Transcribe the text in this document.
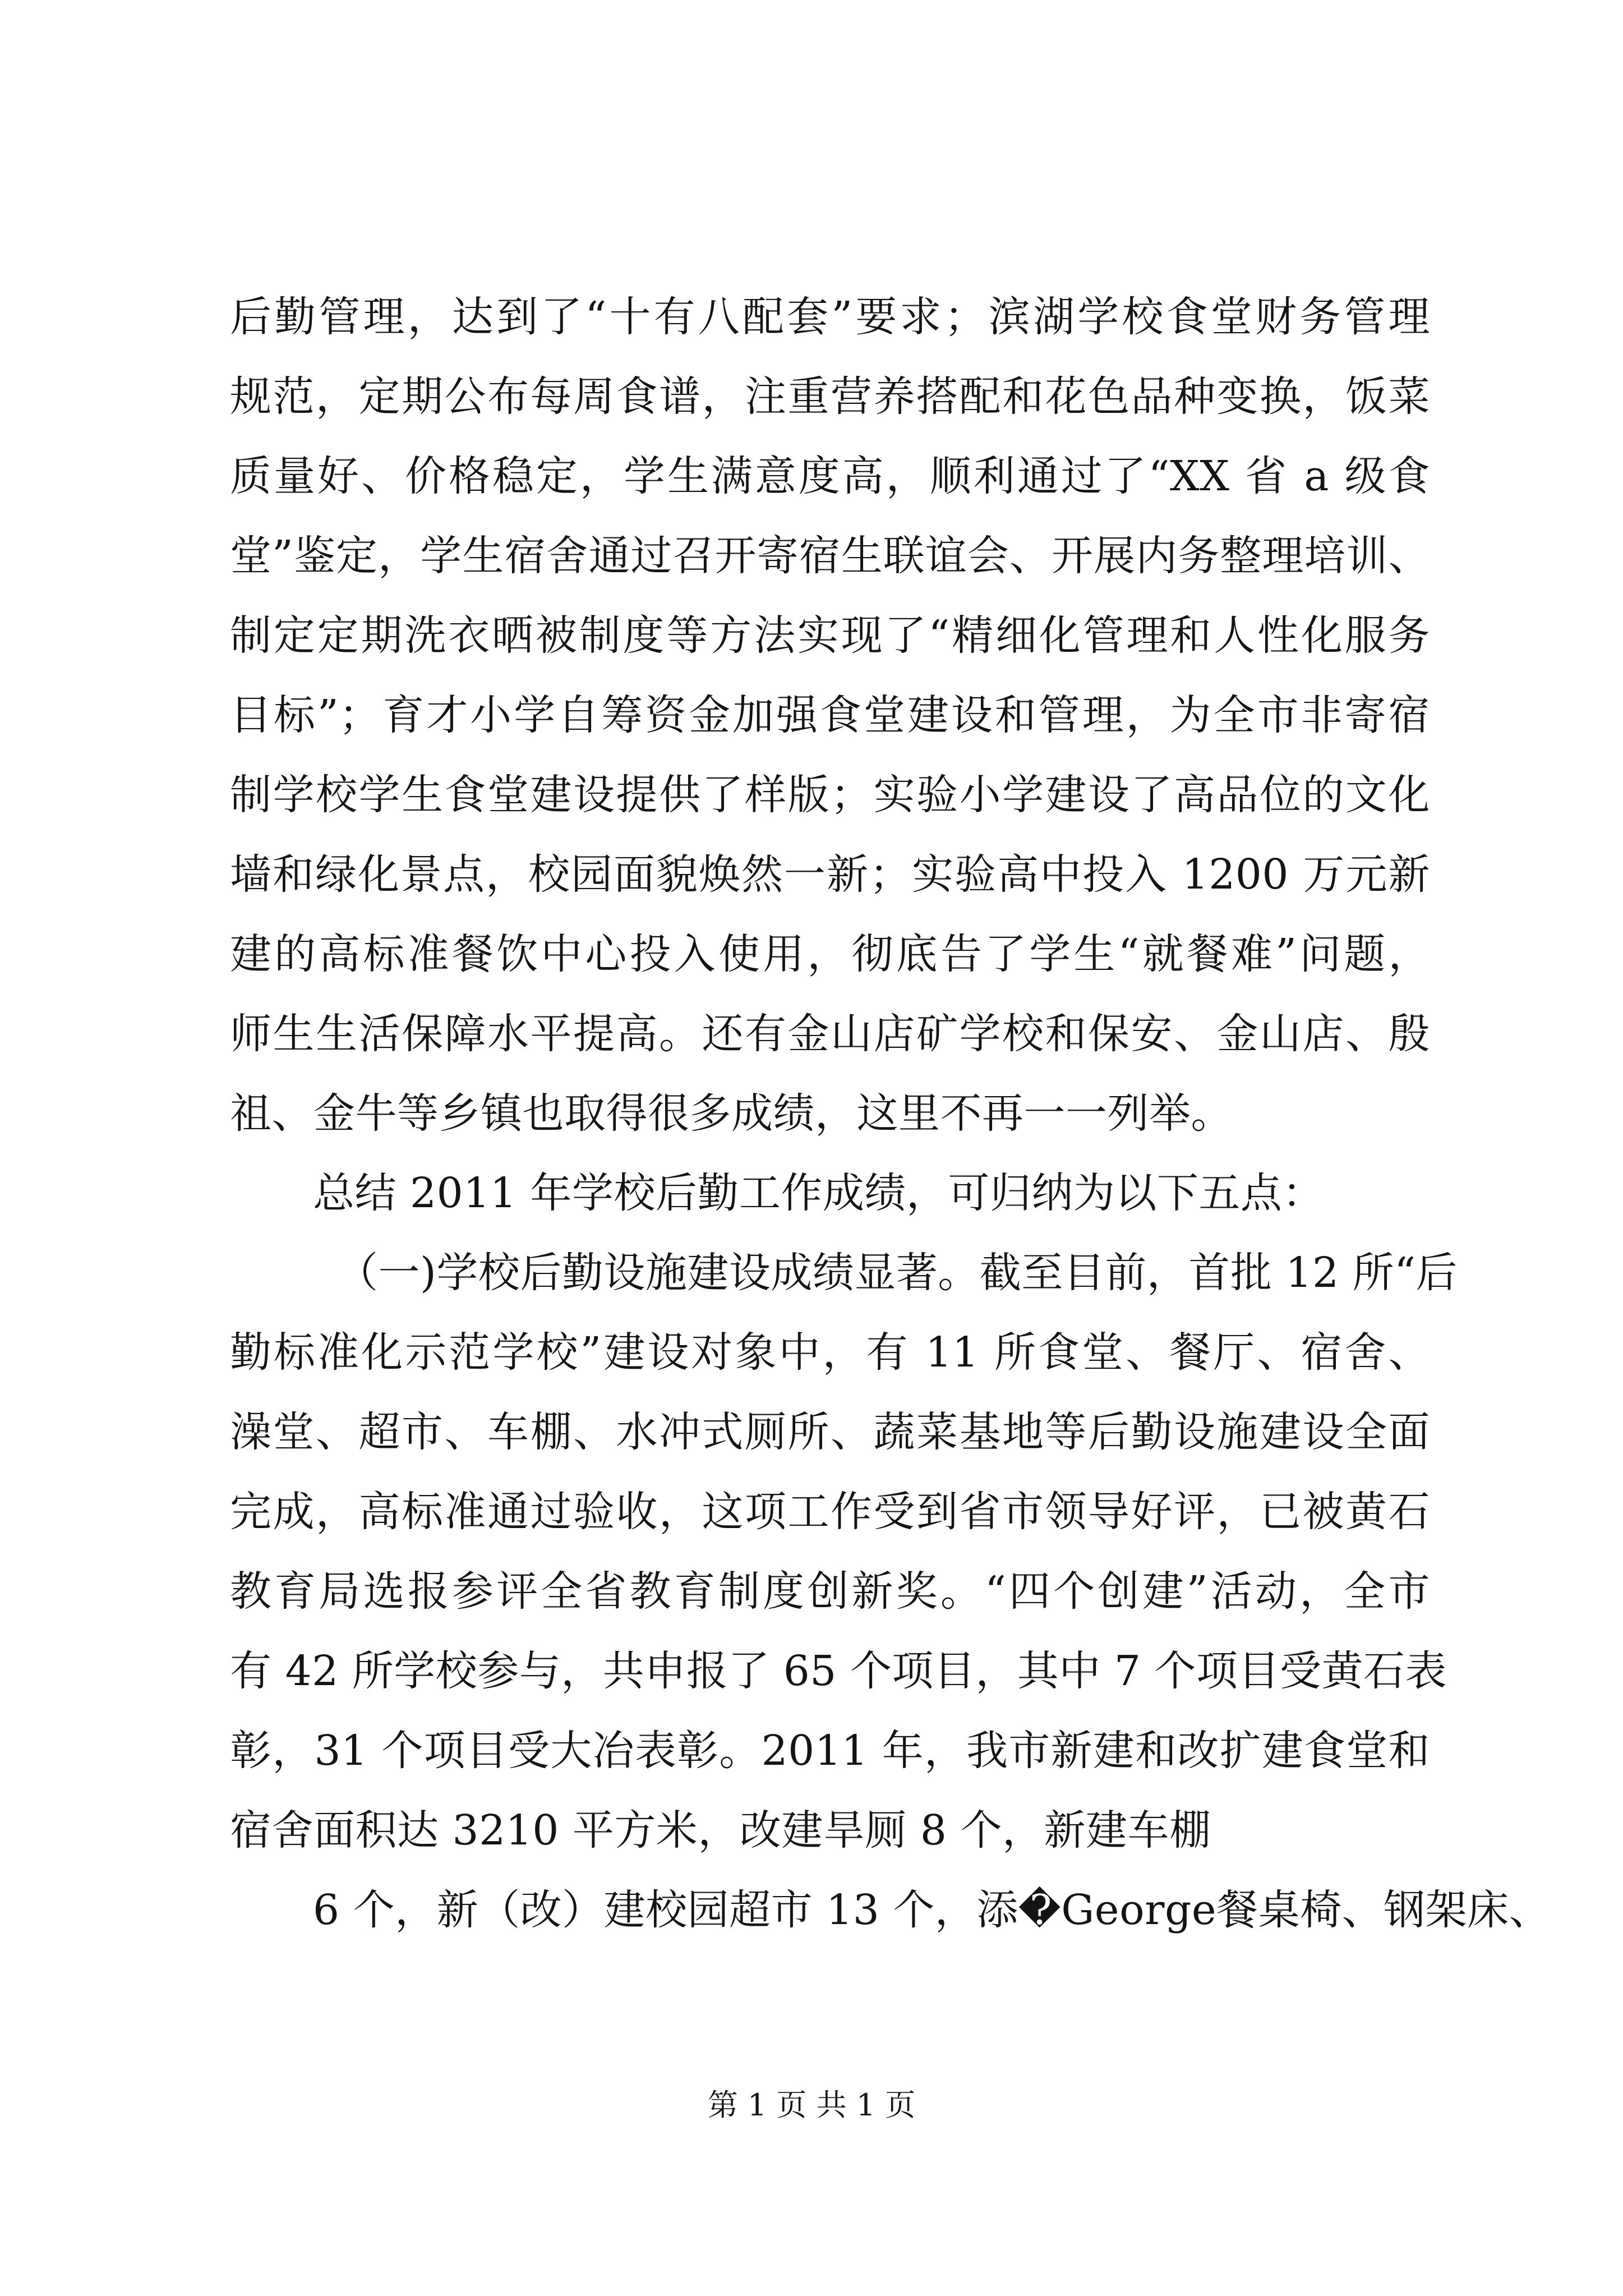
后勤管理，达到了“十有八配套”要求；滨湖学校食堂财务管理
规范，定期公布每周食谱，注重营养搭配和花色品种变换，饭菜
质量好、价格稳定，学生满意度高，顺利通过了“XX 省 a 级食
堂”鉴定，学生宿舍通过召开寄宿生联谊会、开展内务整理培训、
制定定期洗衣晒被制度等方法实现了“精细化管理和人性化服务
目标”；育才小学自筹资金加强食堂建设和管理，为全市非寄宿
制学校学生食堂建设提供了样版；实验小学建设了高品位的文化
墙和绿化景点，校园面貌焕然一新；实验高中投入 1200 万元新
建的高标准餐饮中心投入使用，彻底告了学生“就餐难”问题，
师生生活保障水平提高。还有金山店矿学校和保安、金山店、殷
祖、金牛等乡镇也取得很多成绩，这里不再一一列举。
总结 2011 年学校后勤工作成绩，可归纳为以下五点：
（一)学校后勤设施建设成绩显著。截至目前，首批 12 所“后
勤标准化示范学校”建设对象中，有 11 所食堂、餐厅、宿舍、
澡堂、超市、车棚、水冲式厕所、蔬菜基地等后勤设施建设全面
完成，高标准通过验收，这项工作受到省市领导好评，已被黄石
教育局选报参评全省教育制度创新奖。“四个创建”活动，全市
有 42 所学校参与，共申报了 65 个项目，其中 7 个项目受黄石表
彰，31 个项目受大冶表彰。2011 年，我市新建和改扩建食堂和
宿舍面积达 3210 平方米，改建旱厕 8 个，新建车棚
6 个，新（改）建校园超市 13 个，添�George餐桌椅、钢架床、
第 1 页 共 1 页
